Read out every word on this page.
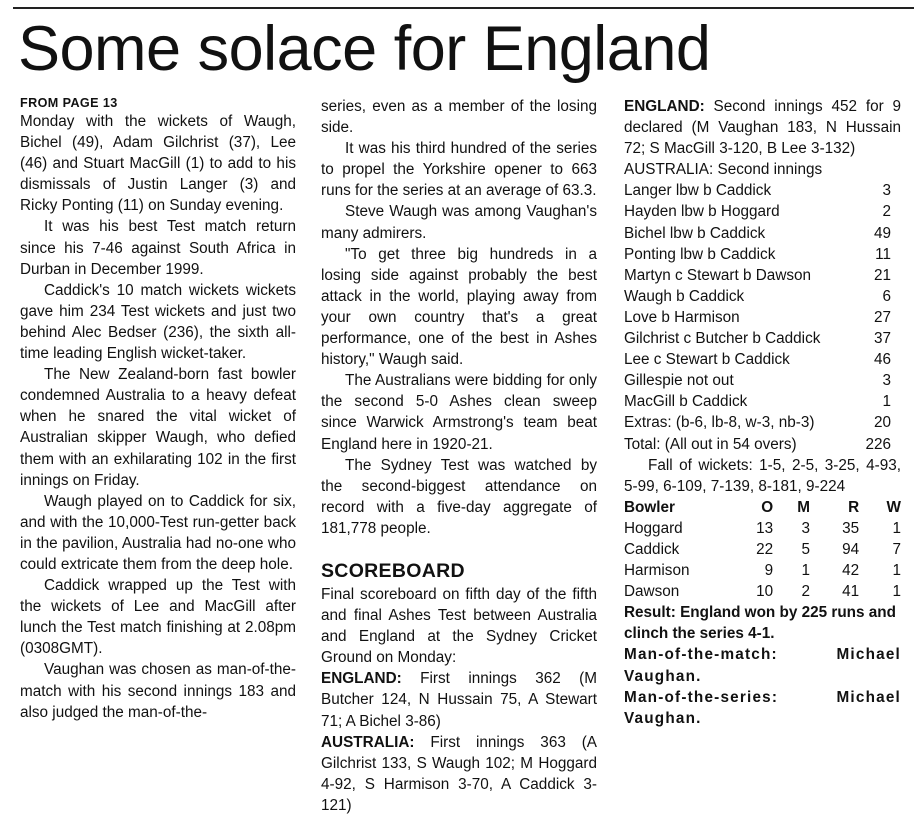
Some solace for England

FROM PAGE 13

Monday with the wickets of Waugh, Bichel (49), Adam Gilchrist (37), Lee (46) and Stuart MacGill (1) to add to his dismissals of Justin Langer (3) and Ricky Ponting (11) on Sunday evening.

It was his best Test match return since his 7-46 against South Africa in Durban in December 1999.

Caddick's 10 match wickets wickets gave him 234 Test wickets and just two behind Alec Bedser (236), the sixth all-time leading English wicket-taker.

The New Zealand-born fast bowler condemned Australia to a heavy defeat when he snared the vital wicket of Australian skipper Waugh, who defied them with an exhilarating 102 in the first innings on Friday.

Waugh played on to Caddick for six, and with the 10,000-Test run-getter back in the pavilion, Australia had no-one who could extricate them from the deep hole.

Caddick wrapped up the Test with the wickets of Lee and MacGill after lunch the Test match finishing at 2.08pm (0308GMT).

Vaughan was chosen as man-of-the-match with his second innings 183 and also judged the man-of-the-

series, even as a member of the losing side.

It was his third hundred of the series to propel the Yorkshire opener to 663 runs for the series at an average of 63.3.

Steve Waugh was among Vaughan's many admirers.

"To get three big hundreds in a losing side against probably the best attack in the world, playing away from your own country that's a great performance, one of the best in Ashes history," Waugh said.

The Australians were bidding for only the second 5-0 Ashes clean sweep since Warwick Armstrong's team beat England here in 1920-21.

The Sydney Test was watched by the second-biggest attendance on record with a five-day aggregate of 181,778 people.

SCOREBOARD

Final scoreboard on fifth day of the fifth and final Ashes Test between Australia and England at the Sydney Cricket Ground on Monday:

ENGLAND: First innings 362 (M Butcher 124, N Hussain 75, A Stewart 71; A Bichel 3-86)

AUSTRALIA: First innings 363 (A Gilchrist 133, S Waugh 102; M Hoggard 4-92, S Harmison 3-70, A Caddick 3-121)

ENGLAND: Second innings 452 for 9 declared (M Vaughan 183, N Hussain 72; S MacGill 3-120, B Lee 3-132)

AUSTRALIA: Second innings

Langer lbw b Caddick	3
Hayden lbw b Hoggard	2
Bichel lbw b Caddick	49
Ponting lbw b Caddick	11
Martyn c Stewart b Dawson	21
Waugh b Caddick	6
Love b Harmison	27
Gilchrist c Butcher b Caddick	37
Lee c Stewart b Caddick	46
Gillespie not out	3
MacGill b Caddick	1
Extras: (b-6, lb-8, w-3, nb-3)	20
Total: (All out in 54 overs)	226

Fall of wickets: 1-5, 2-5, 3-25, 4-93, 5-99, 6-109, 7-139, 8-181, 9-224

Bowler	O	M	R	W
Hoggard	13	3	35	1
Caddick	22	5	94	7
Harmison	9	1	42	1
Dawson	10	2	41	1

Result: England won by 225 runs and clinch the series 4-1.

Man-of-the-match: Michael Vaughan.

Man-of-the-series: Michael Vaughan.
